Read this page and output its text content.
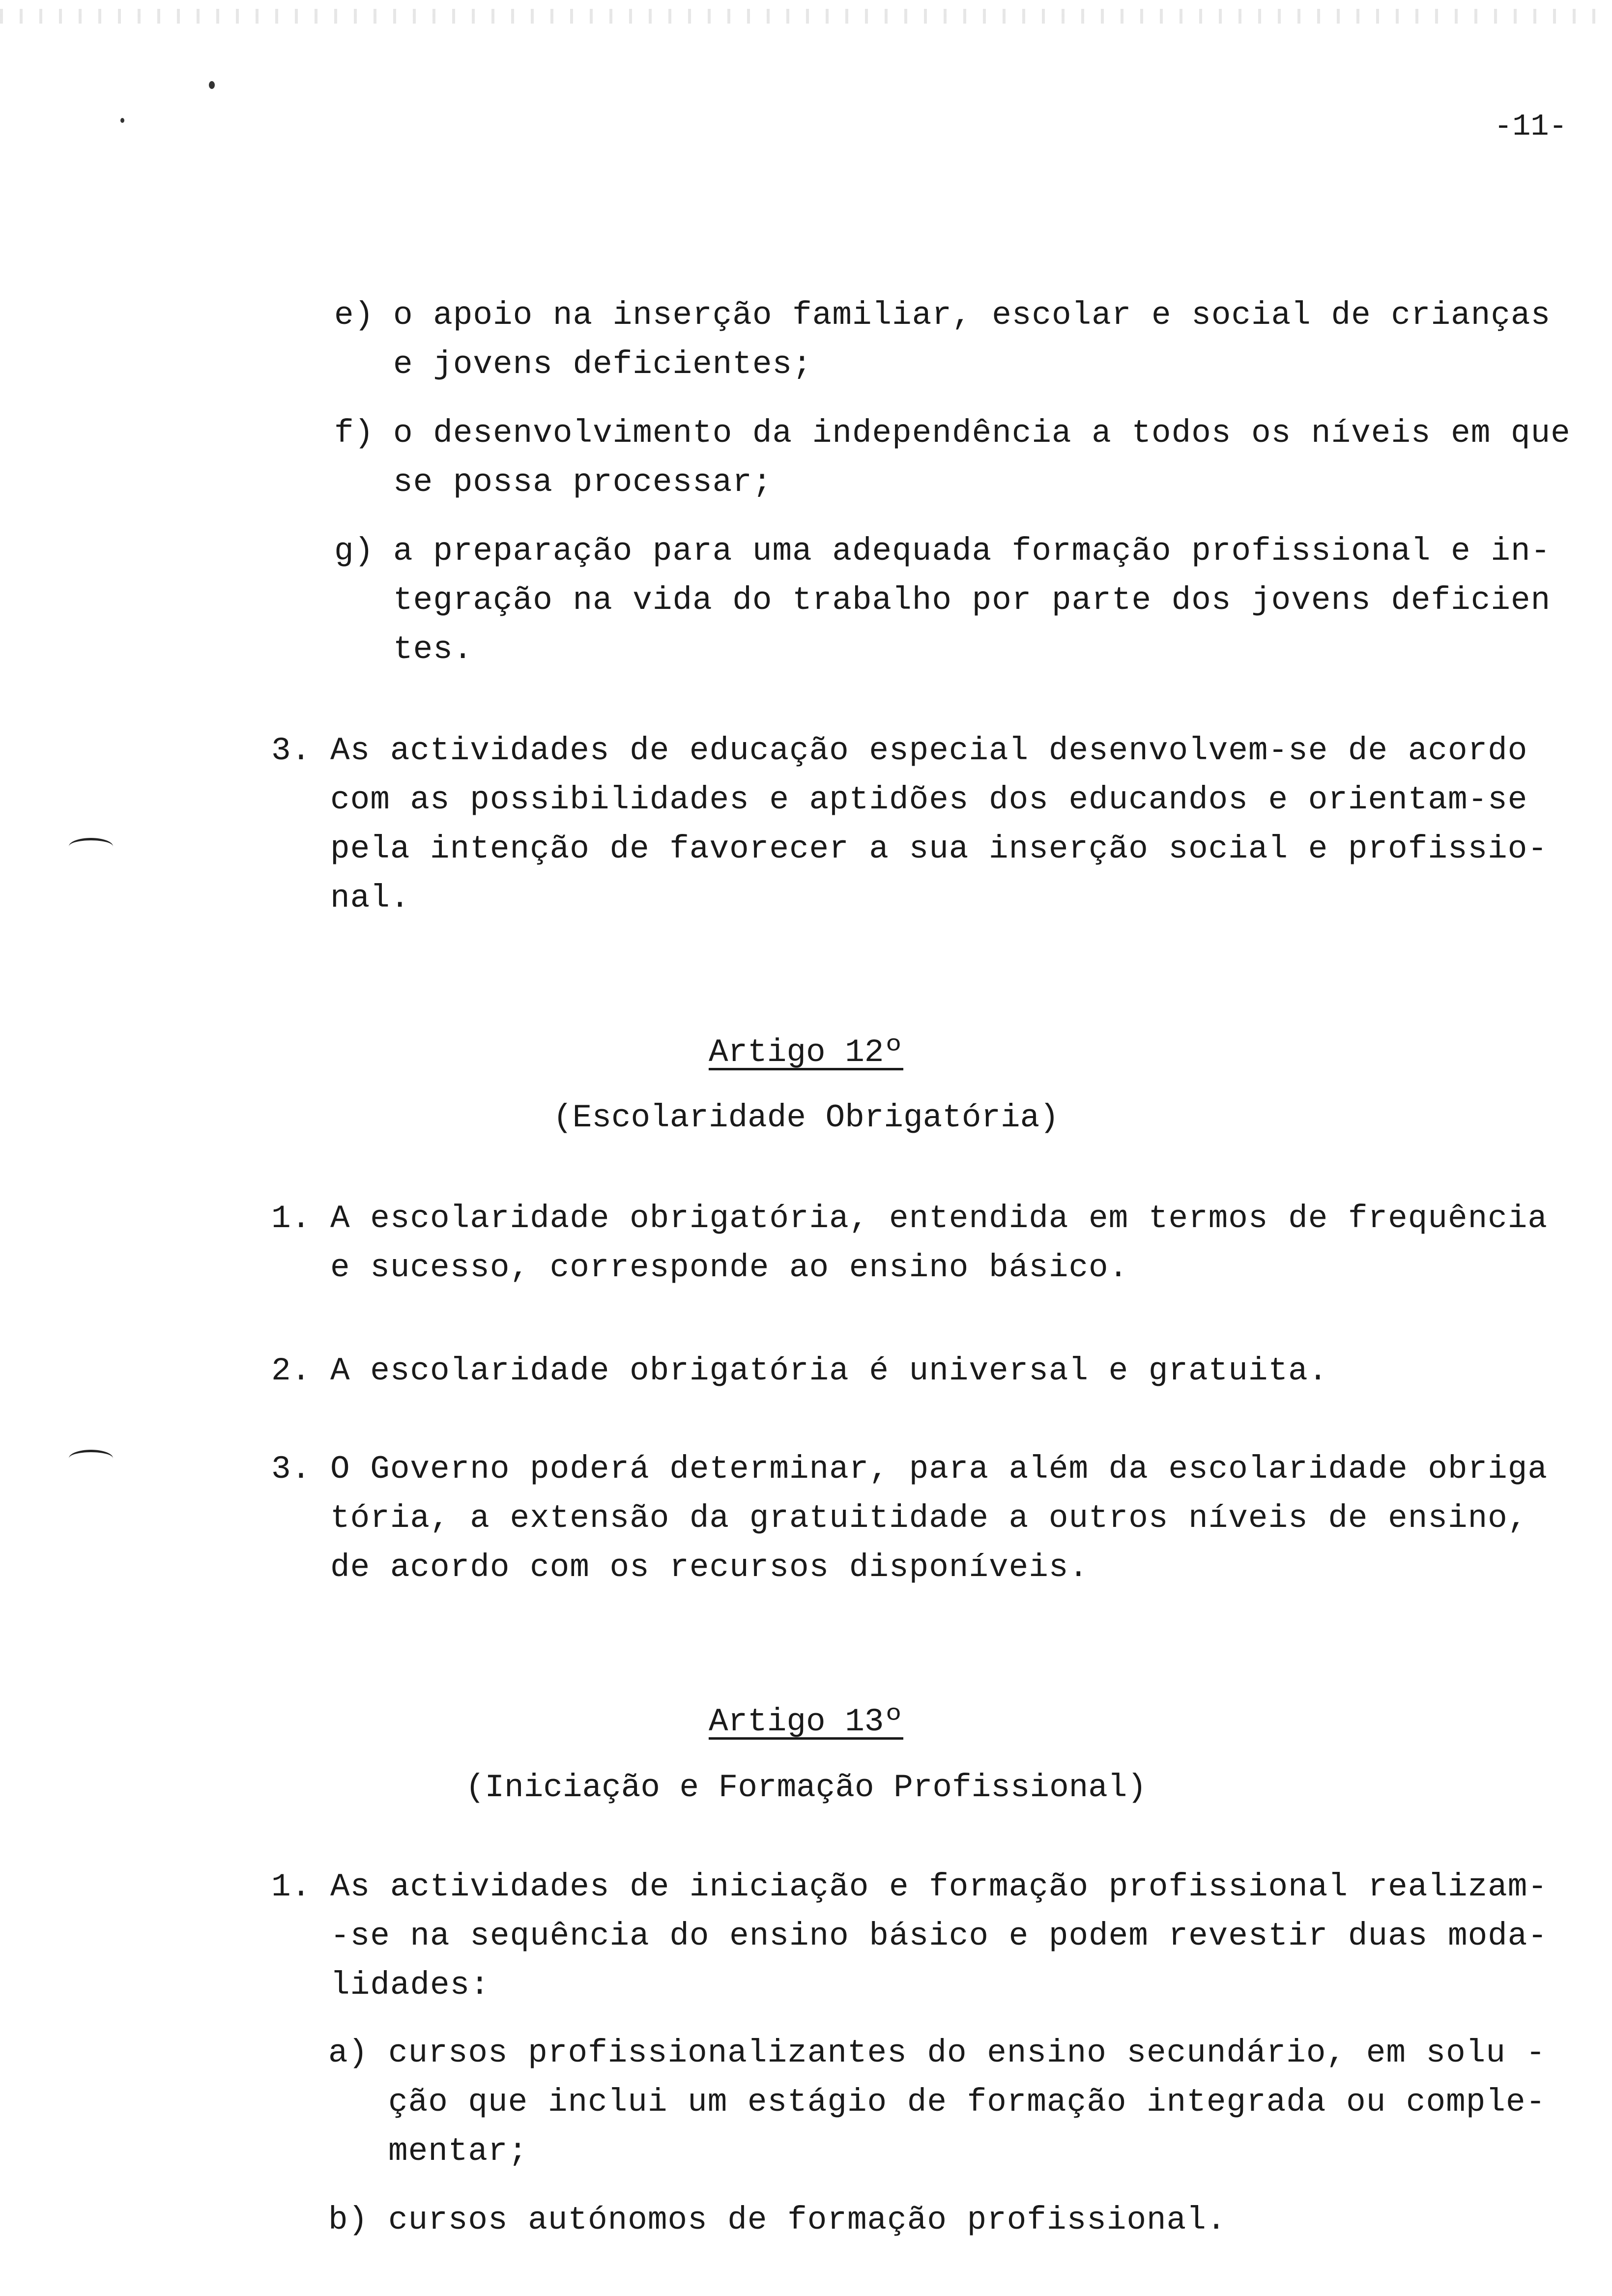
-11-

e) o apoio na inserção familiar, escolar e social de crianças

e jovens deficientes;

f) o desenvolvimento da independência a todos os níveis em que

se possa processar;

g) a preparação para uma adequada formação profissional e in-

tegração na vida do trabalho por parte dos jovens deficien

tes.

3. As actividades de educação especial desenvolvem-se de acordo

com as possibilidades e aptidões dos educandos e orientam-se

pela intenção de favorecer a sua inserção social e profissio-

nal.

Artigo 12º

(Escolaridade Obrigatória)

1. A escolaridade obrigatória, entendida em termos de frequência

e sucesso, corresponde ao ensino básico.

2. A escolaridade obrigatória é universal e gratuita.

3. O Governo poderá determinar, para além da escolaridade obriga

tória, a extensão da gratuitidade a outros níveis de ensino,

de acordo com os recursos disponíveis.

Artigo 13º

(Iniciação e Formação Profissional)

1. As actividades de iniciação e formação profissional realizam-

-se na sequência do ensino básico e podem revestir duas moda-

lidades:

a) cursos profissionalizantes do ensino secundário, em solu -

ção que inclui um estágio de formação integrada ou comple-

mentar;

b) cursos autónomos de formação profissional.
